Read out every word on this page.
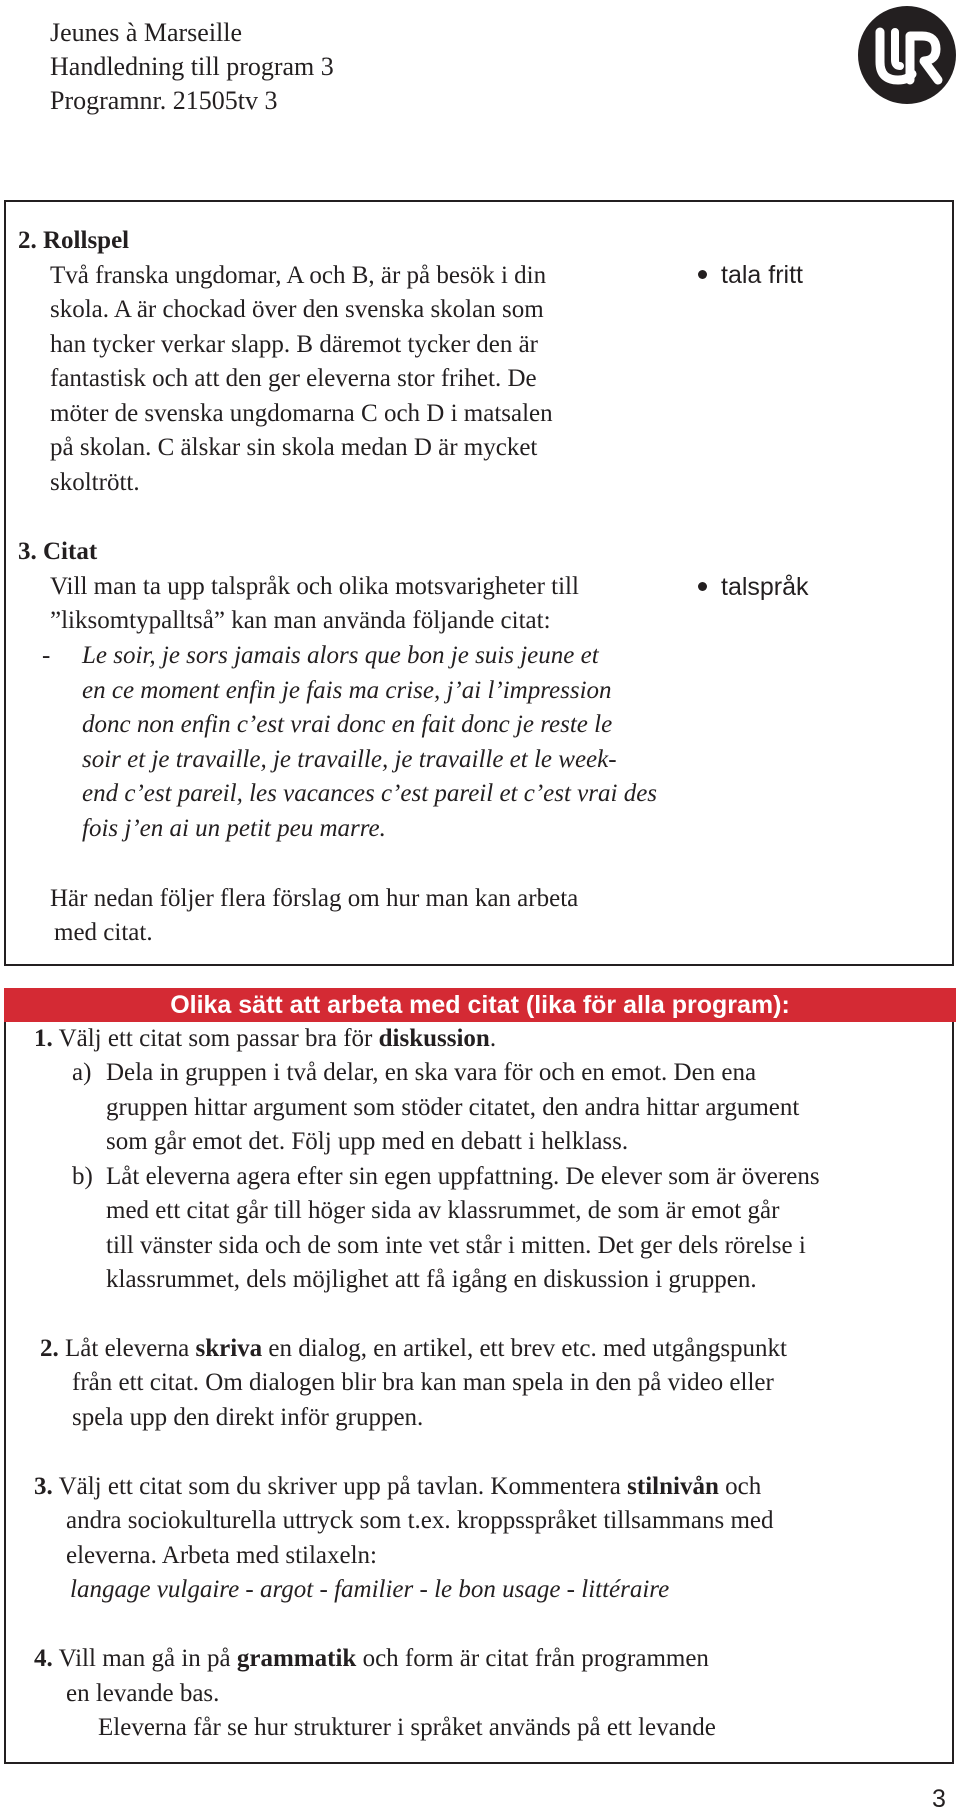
Jeunes à Marseille
Handledning till program 3
Programnr. 21505tv 3
2. Rollspel
Två franska ungdomar, A och B, är på besök i din
skola. A är chockad över den svenska skolan som
han tycker verkar slapp. B däremot tycker den är
fantastisk och att den ger eleverna stor frihet. De
möter de svenska ungdomarna C och D i matsalen
på skolan. C älskar sin skola medan D är mycket
skoltrött.
tala fritt
3. Citat
Vill man ta upp talspråk och olika motsvarigheter till
”liksomtypalltså” kan man använda följande citat:
- Le soir, je sors jamais alors que bon je suis jeune et
en ce moment enfin je fais ma crise, j’ai l’impression
donc non enfin c’est vrai donc en fait donc je reste le
soir et je travaille, je travaille, je travaille et le week-
end c’est pareil, les vacances c’est pareil et c’est vrai des
fois j’en ai un petit peu marre.
Här nedan följer flera förslag om hur man kan arbeta
med citat.
talspråk
Olika sätt att arbeta med citat (lika för alla program):
1. Välj ett citat som passar bra för diskussion.
a) Dela in gruppen i två delar, en ska vara för och en emot. Den ena
gruppen hittar argument som stöder citatet, den andra hittar argument
som går emot det. Följ upp med en debatt i helklass.
b) Låt eleverna agera efter sin egen uppfattning. De elever som är överens
med ett citat går till höger sida av klassrummet, de som är emot går
till vänster sida och de som inte vet står i mitten. Det ger dels rörelse i
klassrummet, dels möjlighet att få igång en diskussion i gruppen.
2. Låt eleverna skriva en dialog, en artikel, ett brev etc. med utgångspunkt
från ett citat. Om dialogen blir bra kan man spela in den på video eller
spela upp den direkt inför gruppen.
3. Välj ett citat som du skriver upp på tavlan. Kommentera stilnivån och
andra sociokulturella uttryck som t.ex. kroppsspråket tillsammans med
eleverna. Arbeta med stilaxeln:
langage vulgaire - argot - familier - le bon usage - littéraire
4. Vill man gå in på grammatik och form är citat från programmen
en levande bas.
Eleverna får se hur strukturer i språket används på ett levande
3
